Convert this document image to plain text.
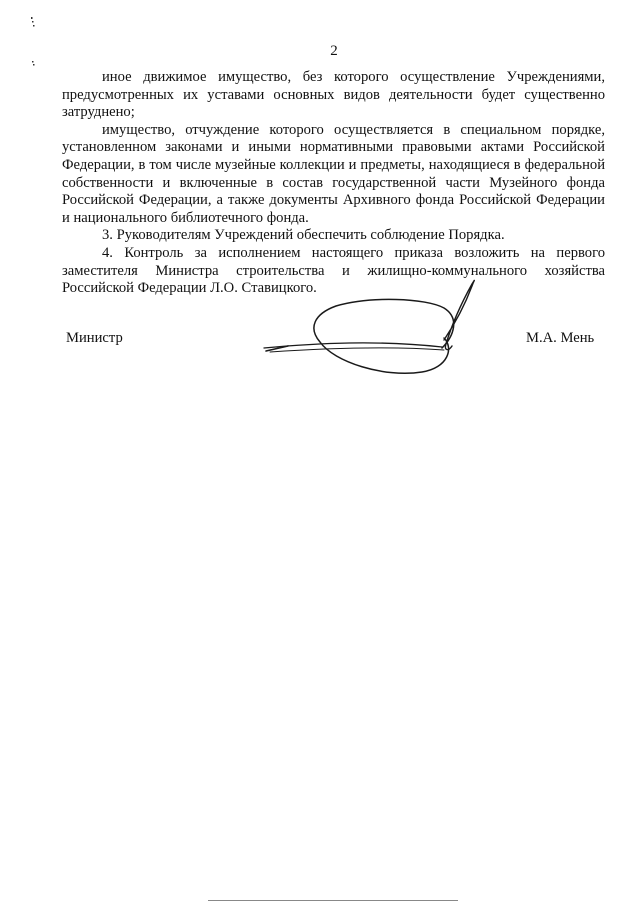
2

иное движимое имущество, без которого осуществление Учреждениями, предусмотренных их уставами основных видов деятельности будет существенно затруднено;

имущество, отчуждение которого осуществляется в специальном порядке, установленном законами и иными нормативными правовыми актами Российской Федерации, в том числе музейные коллекции и предметы, находящиеся в федеральной собственности и включенные в состав государственной части Музейного фонда Российской Федерации, а также документы Архивного фонда Российской Федерации и национального библиотечного фонда.

3. Руководителям Учреждений обеспечить соблюдение Порядка.

4. Контроль за исполнением настоящего приказа возложить на первого заместителя Министра строительства и жилищно-коммунального хозяйства Российской Федерации Л.О. Ставицкого.

Министр	М.А. Мень
